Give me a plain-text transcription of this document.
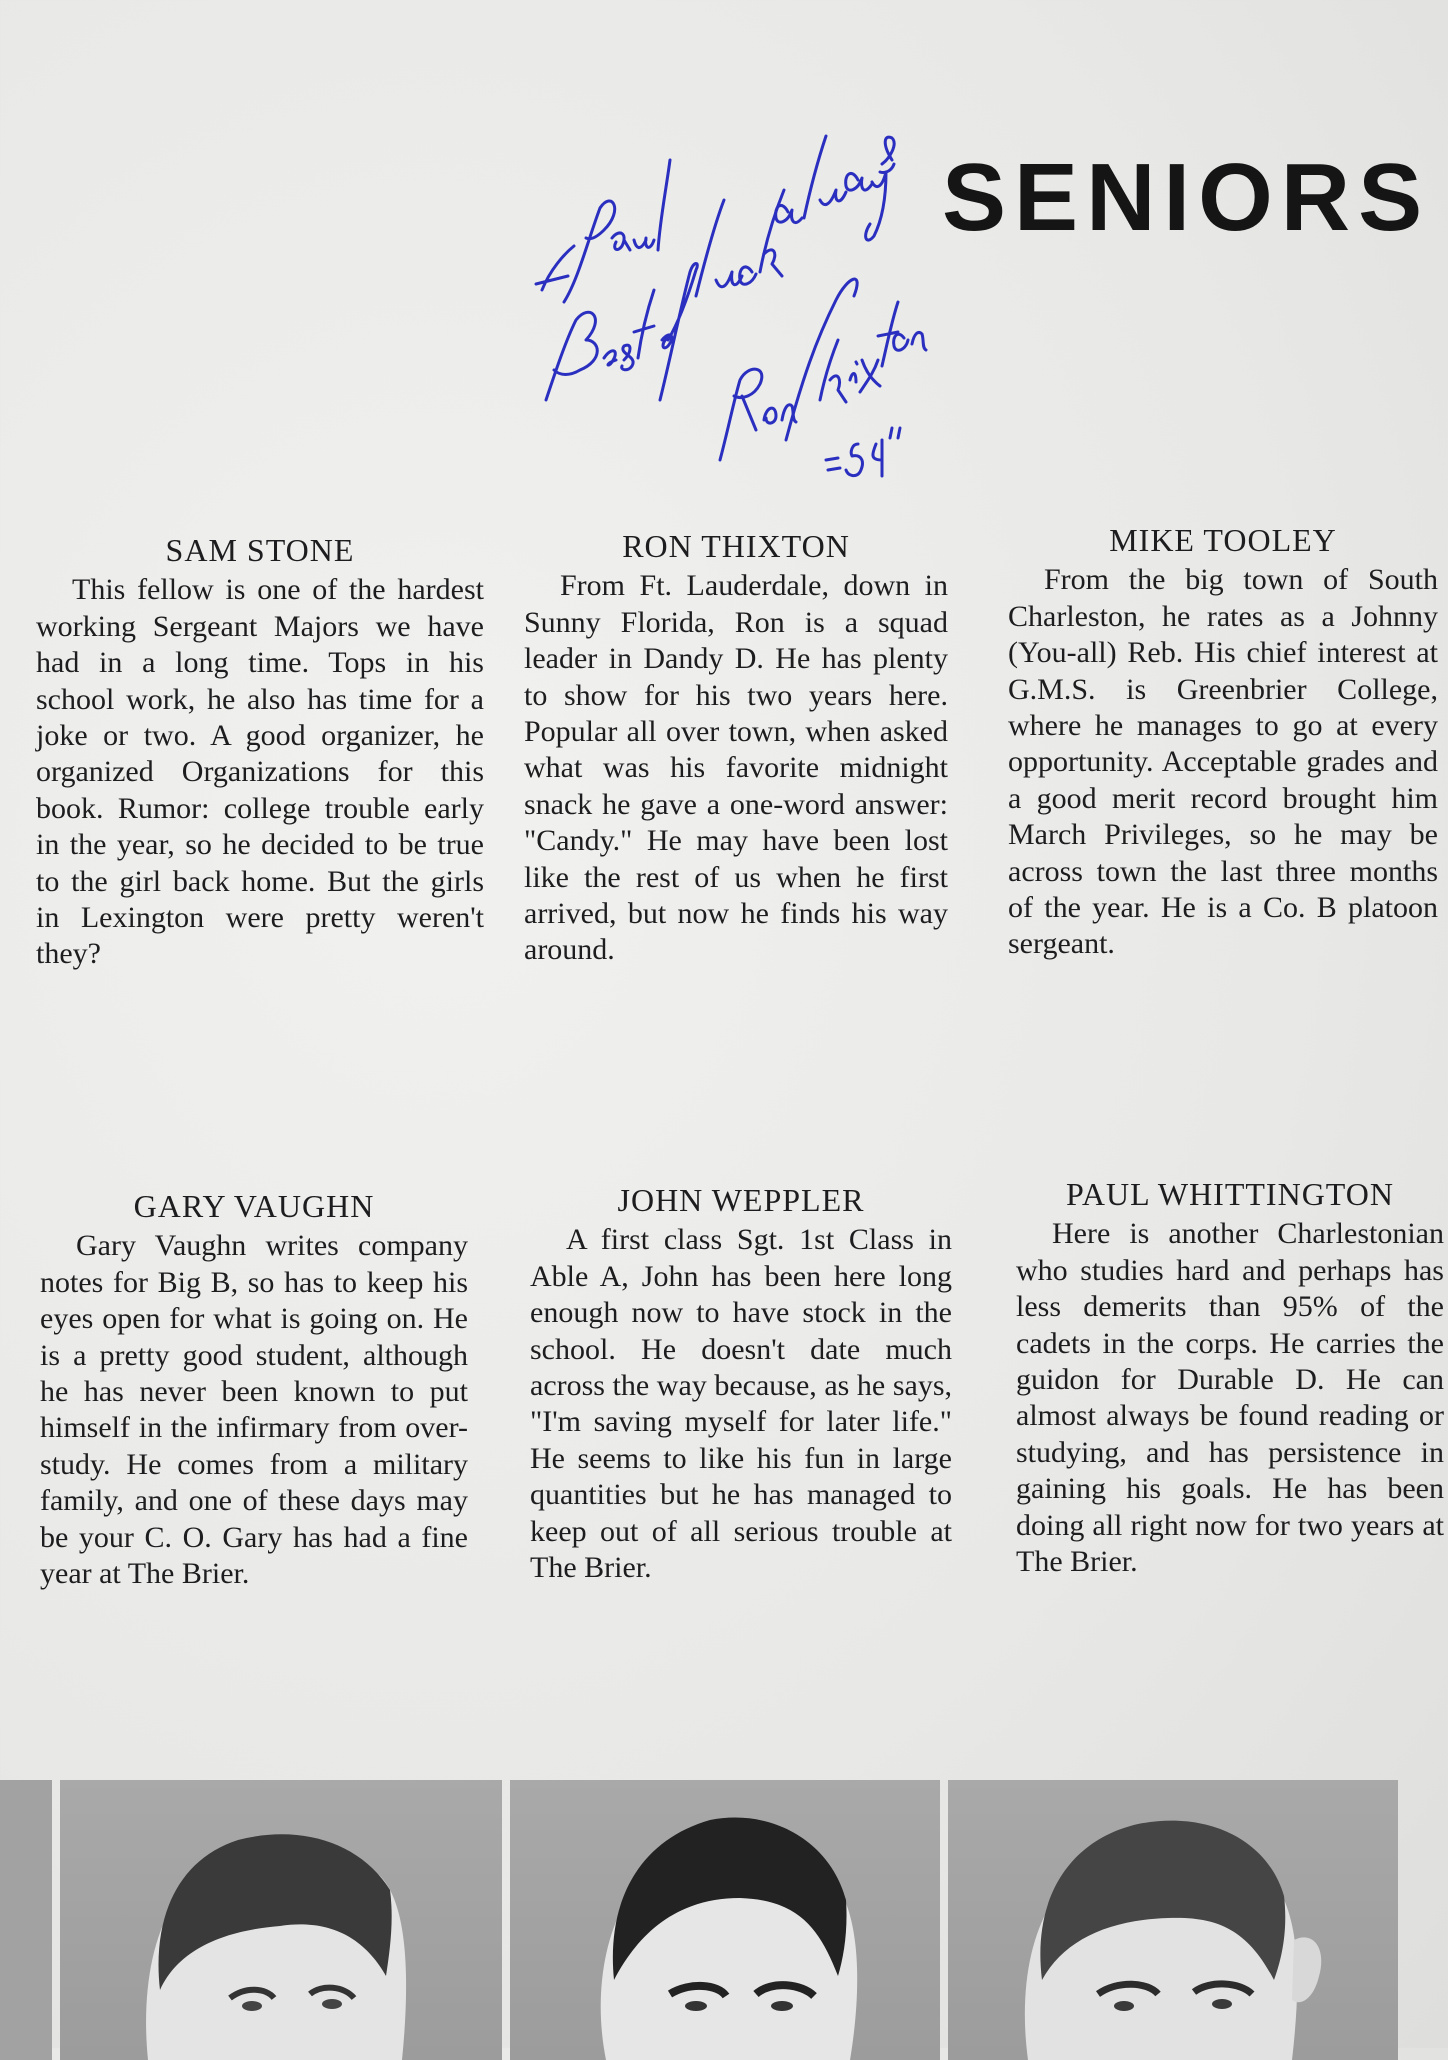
SENIORS
SAM STONE

This fellow is one of the hardest working Sergeant Majors we have had in a long time. Tops in his school work, he also has time for a joke or two. A good organizer, he organized Organizations for this book. Rumor: college trouble early in the year, so he decided to be true to the girl back home. But the girls in Lexington were pretty weren't they?

RON THIXTON

From Ft. Lauderdale, down in Sunny Florida, Ron is a squad leader in Dandy D. He has plenty to show for his two years here. Popular all over town, when asked what was his favorite midnight snack he gave a one-word answer: "Candy." He may have been lost like the rest of us when he first arrived, but now he finds his way around.

MIKE TOOLEY

From the big town of South Charleston, he rates as a Johnny (You-all) Reb. His chief interest at G.M.S. is Greenbrier College, where he manages to go at every opportunity. Acceptable grades and a good merit record brought him March Privileges, so he may be across town the last three months of the year. He is a Co. B platoon sergeant.

GARY VAUGHN

Gary Vaughn writes company notes for Big B, so has to keep his eyes open for what is going on. He is a pretty good student, although he has never been known to put himself in the infirmary from over-study. He comes from a military family, and one of these days may be your C. O. Gary has had a fine year at The Brier.

JOHN WEPPLER

A first class Sgt. 1st Class in Able A, John has been here long enough now to have stock in the school. He doesn't date much across the way because, as he says, "I'm saving myself for later life." He seems to like his fun in large quantities but he has managed to keep out of all serious trouble at The Brier.

PAUL WHITTINGTON

Here is another Charlestonian who studies hard and perhaps has less demerits than 95% of the cadets in the corps. He carries the guidon for Durable D. He can almost always be found reading or studying, and has persistence in gaining his goals. He has been doing all right now for two years at The Brier.
